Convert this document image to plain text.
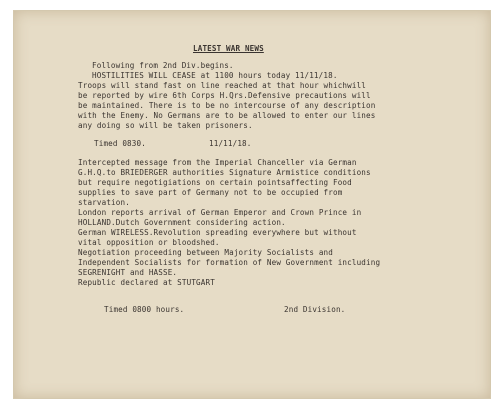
LATEST WAR NEWS
Following from 2nd Div.begins.
HOSTILITIES WILL CEASE at 1100 hours today 11/11/18.
Troops will stand fast on line reached at that hour whichwill
be reported by wire 6th Corps H.Qrs.Defensive precautions will
be maintained. There is to be no intercourse of any description
with the Enemy. No Germans are to be allowed to enter our lines
any doing so will be taken prisoners.
Timed 0830.	11/11/18.
Intercepted message from the Imperial Chanceller via German
G.H.Q.to BRIEDERGER authorities Signature Armistice conditions
but require negotigiations on certain pointsaffecting Food
supplies to save part of Germany not to be occupied from
starvation.
London reports arrival of German Emperor and Crown Prince in
HOLLAND.Dutch Government considering action.
German WIRELESS.Revolution spreading everywhere but without
vital opposition or bloodshed.
Negotiation proceeding between Majority Socialists and
Independent Socialists for formation of New Government including
SEGRENIGHT and HASSE.
Republic declared at STUTGART
Timed 0800 hours.	2nd Division.
